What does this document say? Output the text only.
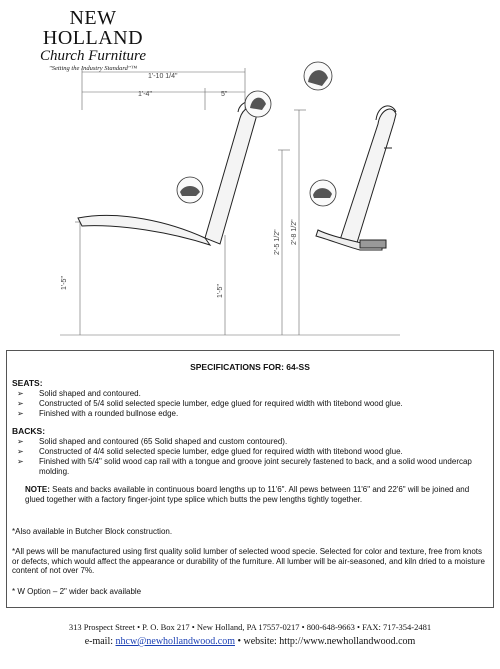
NEW HOLLAND
Church Furniture
"Setting the Industry Standard"™
1'-10 1/4"
1'-4"	5"
1'-5"
1'-5"
2'-5 1/2" 2'-8 1/2"
SPECIFICATIONS FOR: 64-SS
SEATS:
➢ Solid shaped and contoured.
➢ Constructed of 5/4 solid selected specie lumber, edge glued for required width with titebond wood glue.
➢ Finished with a rounded bullnose edge.
BACKS:
➢ Solid shaped and contoured (65 Solid shaped and custom contoured).
➢ Constructed of 4/4 solid selected specie lumber, edge glued for required width with titebond wood glue.
➢ Finished with 5/4" solid wood cap rail with a tongue and groove joint securely fastened to back, and a solid wood undercap molding.
NOTE: Seats and backs available in continuous board lengths up to 11'6". All pews between 11'6" and 22'6" will be joined and glued together with a factory finger-joint type splice which butts the pew lengths tightly together.
*Also available in Butcher Block construction.
*All pews will be manufactured using first quality solid lumber of selected wood specie. Selected for color and texture, free from knots or defects, which would affect the appearance or durability of the furniture. All lumber will be air-seasoned, and kiln dried to a moisture content of not over 7%.
* W Option – 2" wider back available
313 Prospect Street • P. O. Box 217 • New Holland, PA 17557-0217 • 800-648-9663 • FAX: 717-354-2481
e-mail: nhcw@newhollandwood.com • website: http://www.newhollandwood.com
